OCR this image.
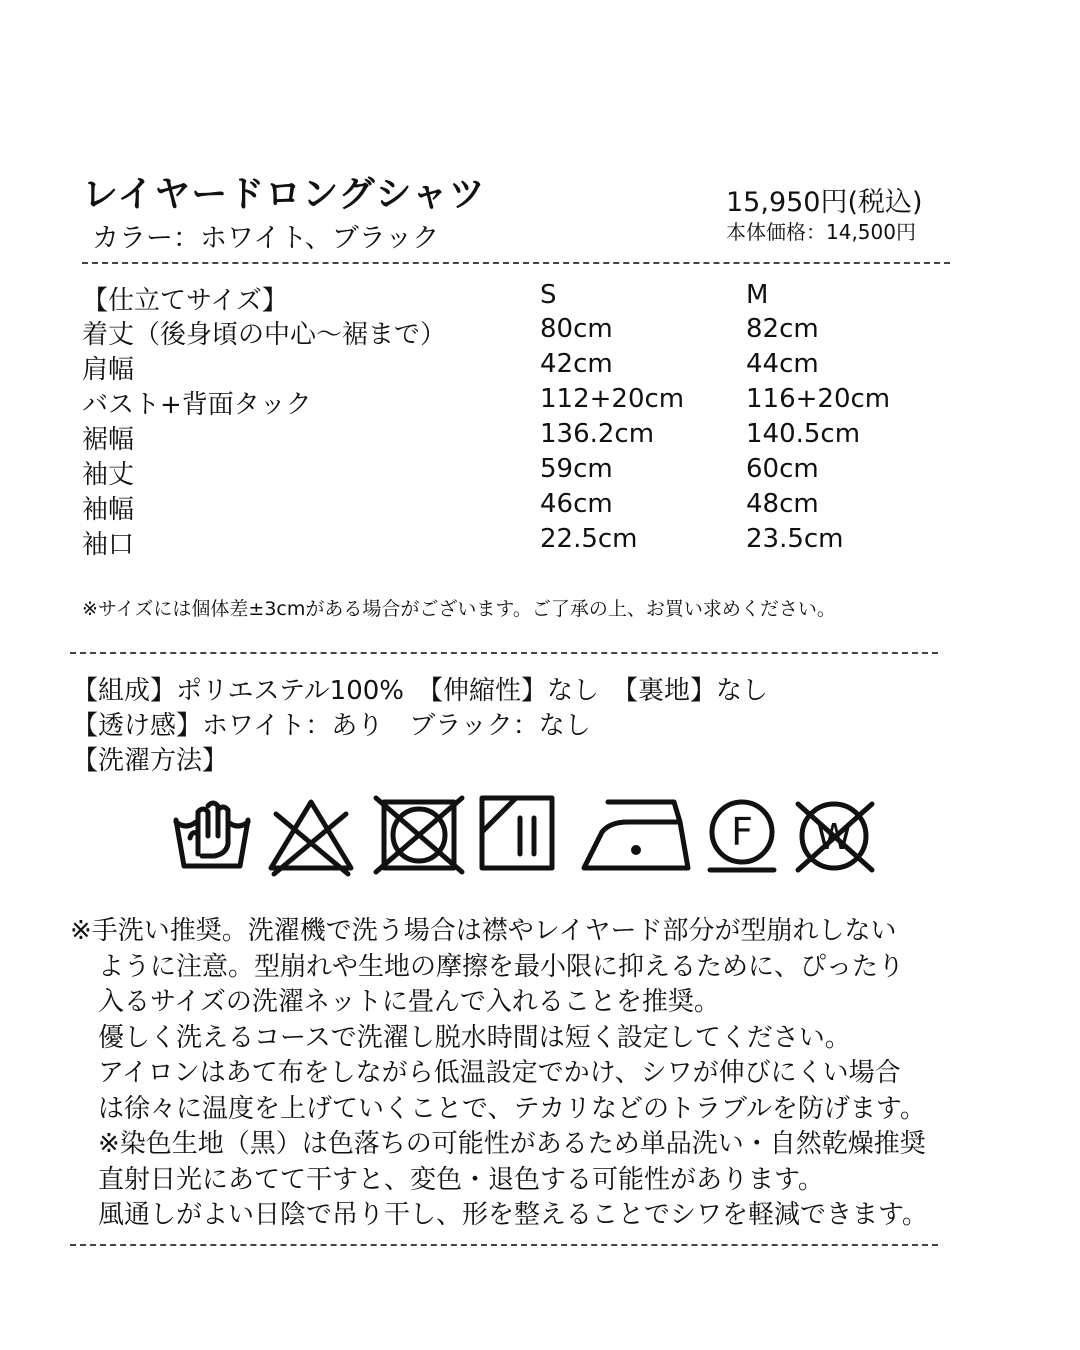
レイヤードロングシャツ
カラー：ホワイト、ブラック
15,950円(税込)
本体価格：14,500円
【仕立てサイズ】	S	M
着丈（後身頃の中心～裾まで）	80cm	82cm
肩幅	42cm	44cm
バスト+背面タック	112+20cm 116+20cm
裾幅	136.2cm	140.5cm
袖丈	59cm	60cm
袖幅	46cm	48cm
袖口	22.5cm	23.5cm
※サイズには個体差±3cmがある場合がございます。ご了承の上、お買い求めください。
【組成】ポリエステル100%　【伸縮性】なし　【裏地】なし
【透け感】ホワイト：あり　ブラック：なし
【洗濯方法】
F W
※手洗い推奨。洗濯機で洗う場合は襟やレイヤード部分が型崩れしない
ように注意。型崩れや生地の摩擦を最小限に抑えるために、ぴったり
入るサイズの洗濯ネットに畳んで入れることを推奨。
優しく洗えるコースで洗濯し脱水時間は短く設定してください。
アイロンはあて布をしながら低温設定でかけ、シワが伸びにくい場合
は徐々に温度を上げていくことで、テカリなどのトラブルを防げます。
※染色生地（黒）は色落ちの可能性があるため単品洗い・自然乾燥推奨
直射日光にあてて干すと、変色・退色する可能性があります。
風通しがよい日陰で吊り干し、形を整えることでシワを軽減できます。
